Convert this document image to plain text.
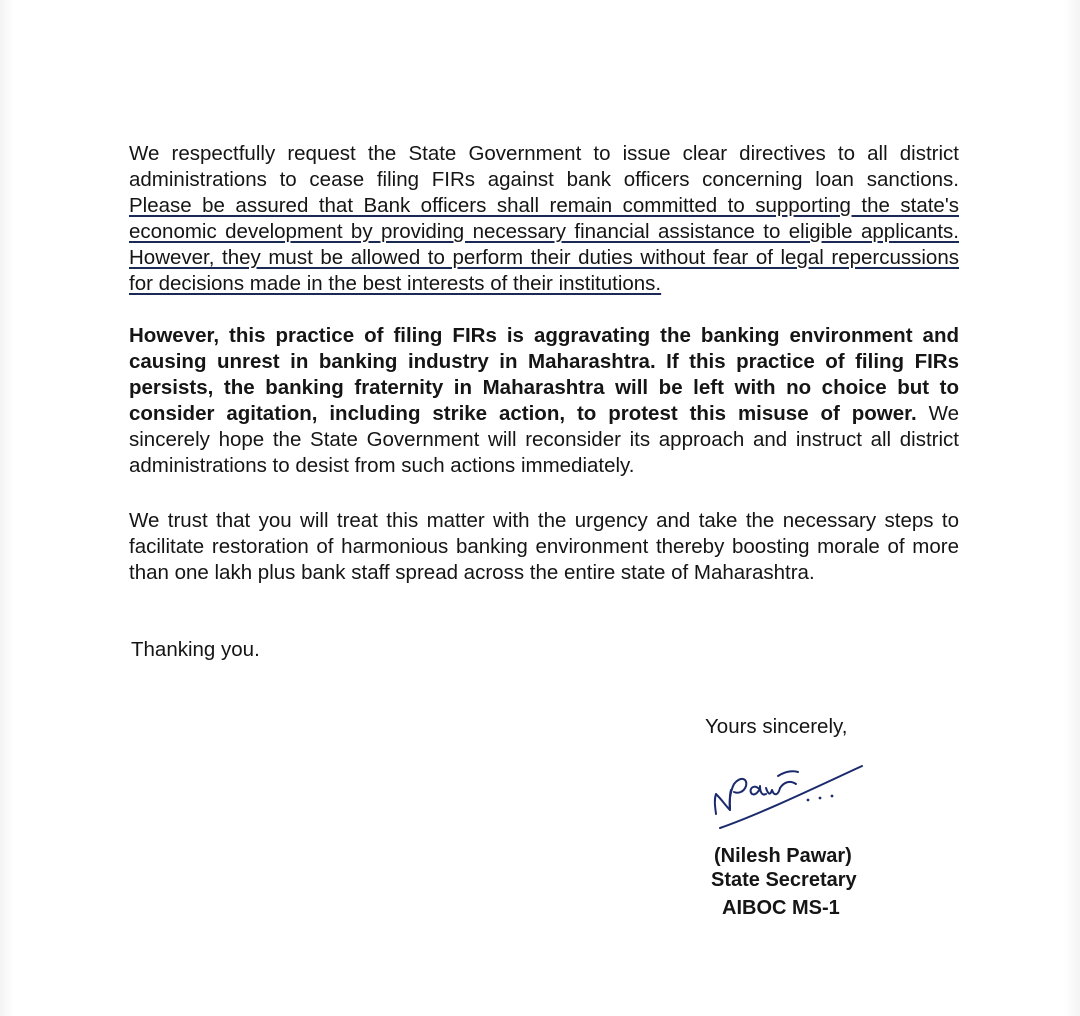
We respectfully request the State Government to issue clear directives to all district
administrations to cease filing FIRs against bank officers concerning loan sanctions.
Please be assured that Bank officers shall remain committed to supporting the state's
economic development by providing necessary financial assistance to eligible applicants.
However, they must be allowed to perform their duties without fear of legal repercussions
for decisions made in the best interests of their institutions.
However, this practice of filing FIRs is aggravating the banking environment and
causing unrest in banking industry in Maharashtra. If this practice of filing FIRs
persists, the banking fraternity in Maharashtra will be left with no choice but to
consider agitation, including strike action, to protest this misuse of power. We
sincerely hope the State Government will reconsider its approach and instruct all district
administrations to desist from such actions immediately.
We trust that you will treat this matter with the urgency and take the necessary steps to
facilitate restoration of harmonious banking environment thereby boosting morale of more
than one lakh plus bank staff spread across the entire state of Maharashtra.
Thanking you.
Yours sincerely,
(Nilesh Pawar)
State Secretary
AIBOC MS-1
